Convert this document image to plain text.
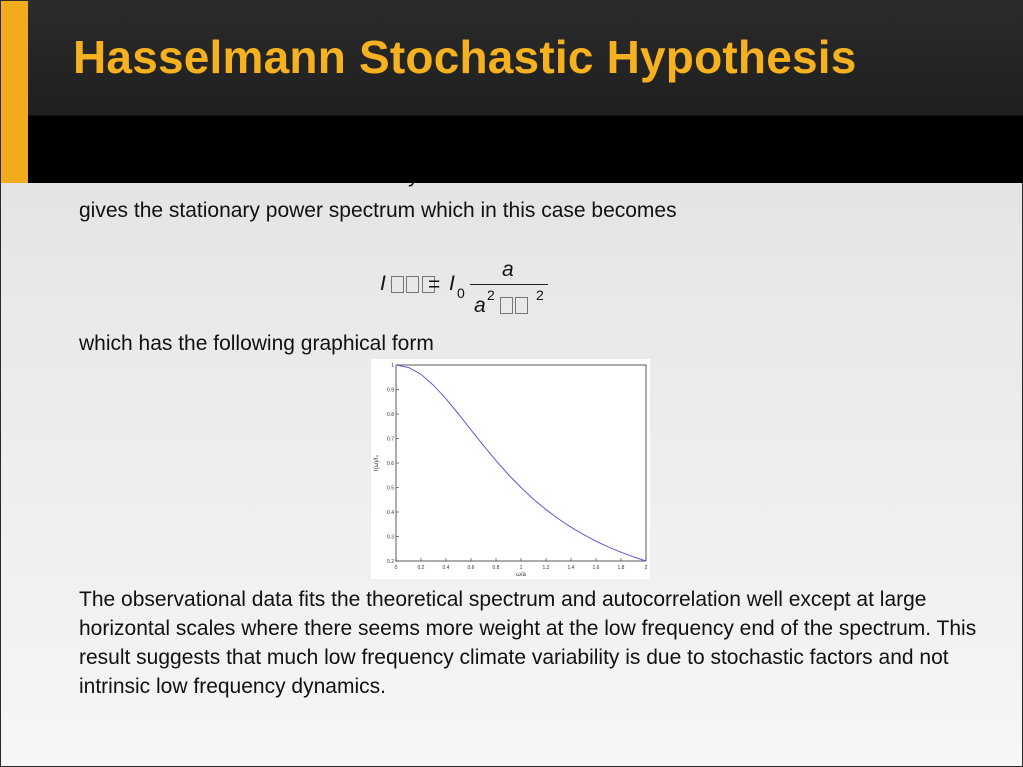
Hasselmann Stochastic Hypothesis

gives the stationary power spectrum which in this case becomes

I = I 0
a
a 2	2

which has the following graphical form

0	0.2	0.4	0.6	0.8	1	1.2	1.4	1.6	1.8	2
0.2
0.3
0.4
0.5
0.6
0.7
0.8
0.9
1
ω/a
I(ω)/I₀

The observational data fits the theoretical spectrum and autocorrelation well except at large horizontal scales where there seems more weight at the low frequency end of the spectrum. This result suggests that much low frequency climate variability is due to stochastic factors and not intrinsic low frequency dynamics.
